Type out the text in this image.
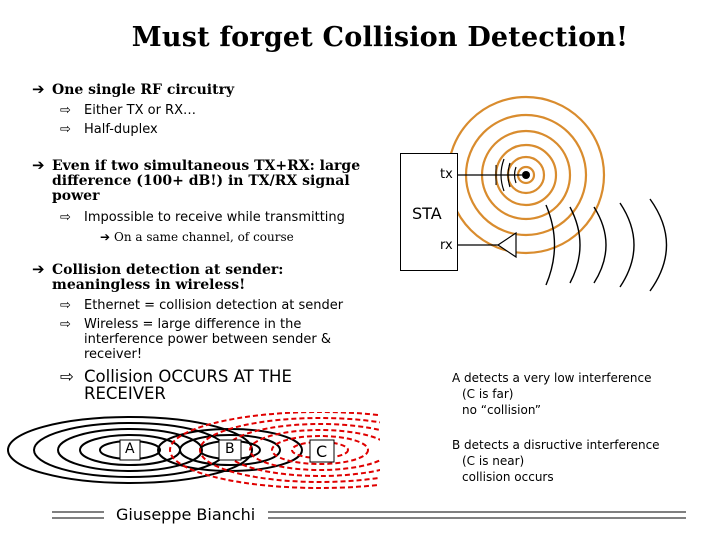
Must forget Collision Detection!
➔ One single RF circuitry
⇨ Either TX or RX…
⇨ Half-duplex
➔ Even if two simultaneous TX+RX: large difference (100+ dB!) in TX/RX signal power
⇨ Impossible to receive while transmitting
➔ On a same channel, of course
➔ Collision detection at sender: meaningless in wireless!
⇨ Ethernet = collision detection at sender
⇨ Wireless = large difference in the interference power between sender & receiver!
⇨ Collision OCCURS AT THE RECEIVER
tx
STA
rx
A	B	C
A detects a very low interference
(C is far)
no “collision”
B detects a disructive interference
(C is near)
collision occurs
Giuseppe Bianchi
